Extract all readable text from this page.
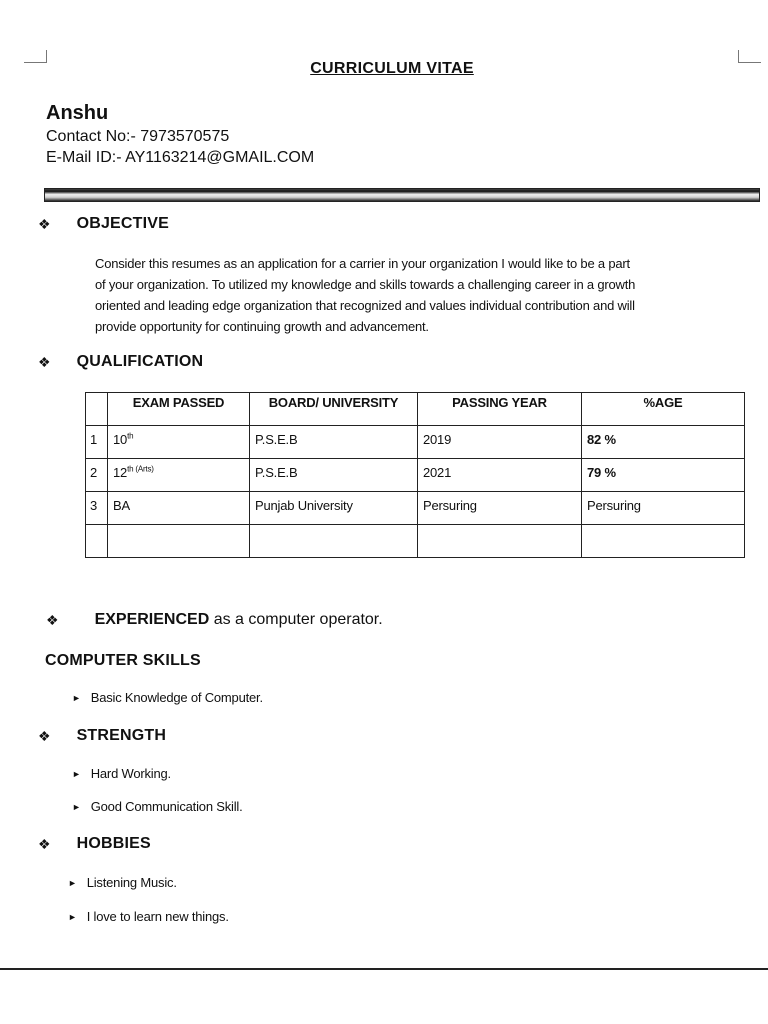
CURRICULUM VITAE
Anshu
Contact No:- 7973570575
E-Mail ID:- AY1163214@GMAIL.COM
❖ OBJECTIVE
Consider this resumes as an application for a carrier in your organization I would like to be a part
of your organization. To utilized my knowledge and skills towards a challenging career in a growth
oriented and leading edge organization that recognized and values individual contribution and will
provide opportunity for continuing growth and advancement.
❖ QUALIFICATION
	EXAM PASSED	BOARD/ UNIVERSITY	PASSING YEAR	%AGE
1	10th	P.S.E.B	2019	82 %
2	$12^{th (Arts)}$	P.S.E.B	2021	79 %
3	BA	Punjab University	Persuring	Persuring

❖ EXPERIENCED as a computer operator.
COMPUTER SKILLS
► Basic Knowledge of Computer.
❖ STRENGTH
► Hard Working.
► Good Communication Skill.
❖ HOBBIES
► Listening Music.
► I love to learn new things.
